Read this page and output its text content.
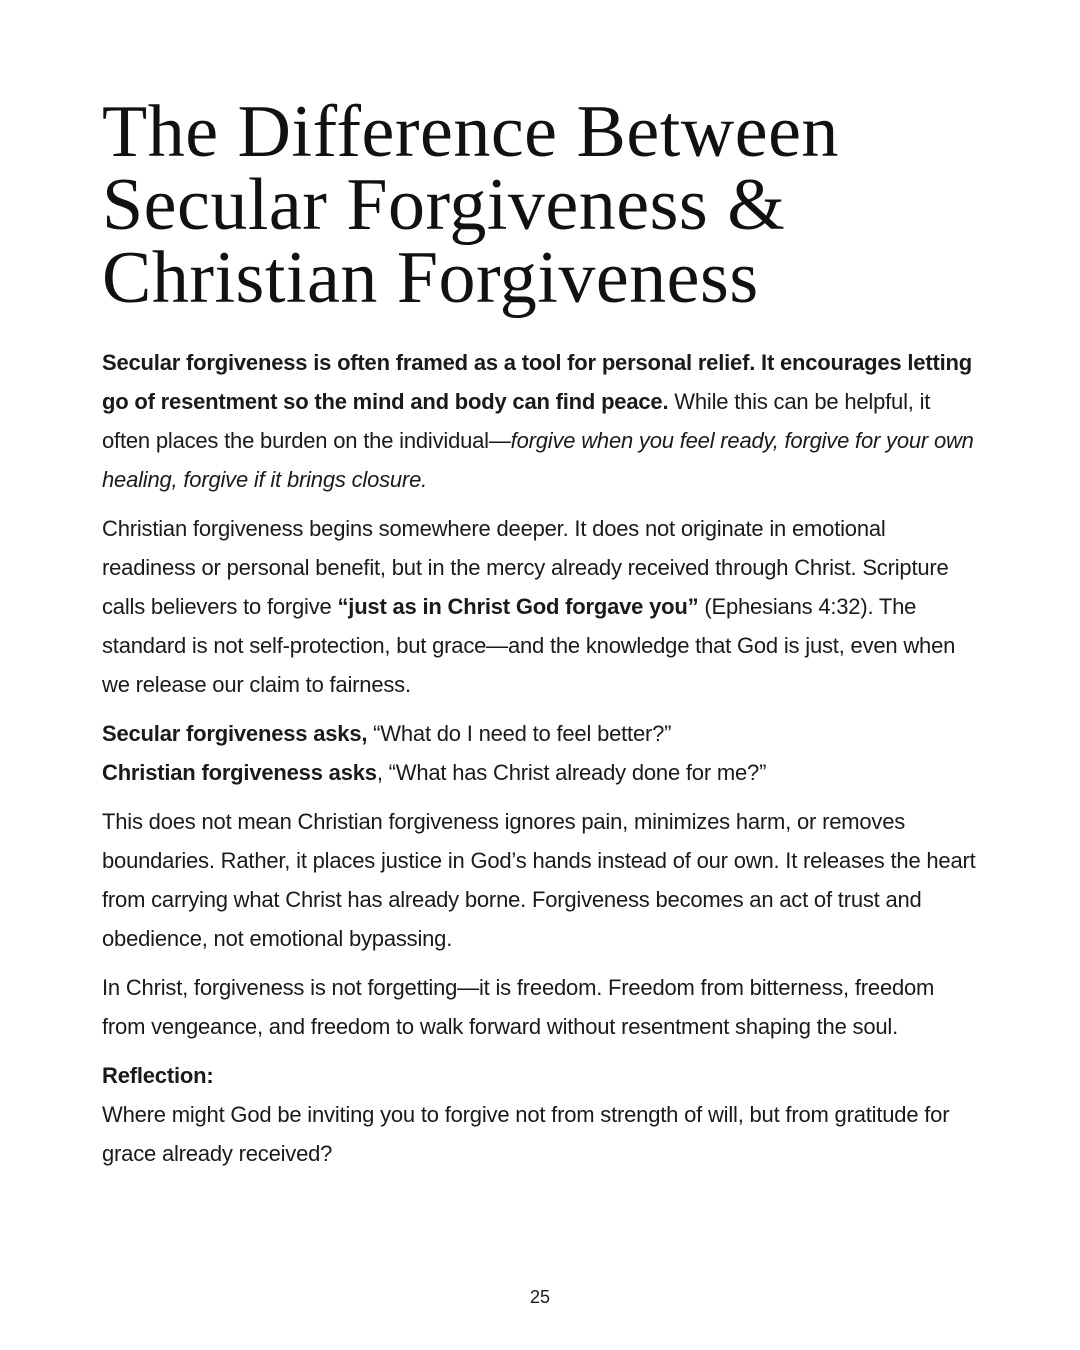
The Difference Between
Secular Forgiveness &
Christian Forgiveness

Secular forgiveness is often framed as a tool for personal relief. It encourages letting go of resentment so the mind and body can find peace. While this can be helpful, it often places the burden on the individual—forgive when you feel ready, forgive for your own healing, forgive if it brings closure.

Christian forgiveness begins somewhere deeper. It does not originate in emotional readiness or personal benefit, but in the mercy already received through Christ. Scripture calls believers to forgive “just as in Christ God forgave you” (Ephesians 4:32). The standard is not self-protection, but grace—and the knowledge that God is just, even when we release our claim to fairness.

Secular forgiveness asks, “What do I need to feel better?”
Christian forgiveness asks, “What has Christ already done for me?”

This does not mean Christian forgiveness ignores pain, minimizes harm, or removes boundaries. Rather, it places justice in God’s hands instead of our own. It releases the heart from carrying what Christ has already borne. Forgiveness becomes an act of trust and obedience, not emotional bypassing.

In Christ, forgiveness is not forgetting—it is freedom. Freedom from bitterness, freedom from vengeance, and freedom to walk forward without resentment shaping the soul.

Reflection:
Where might God be inviting you to forgive not from strength of will, but from gratitude for grace already received?

25
